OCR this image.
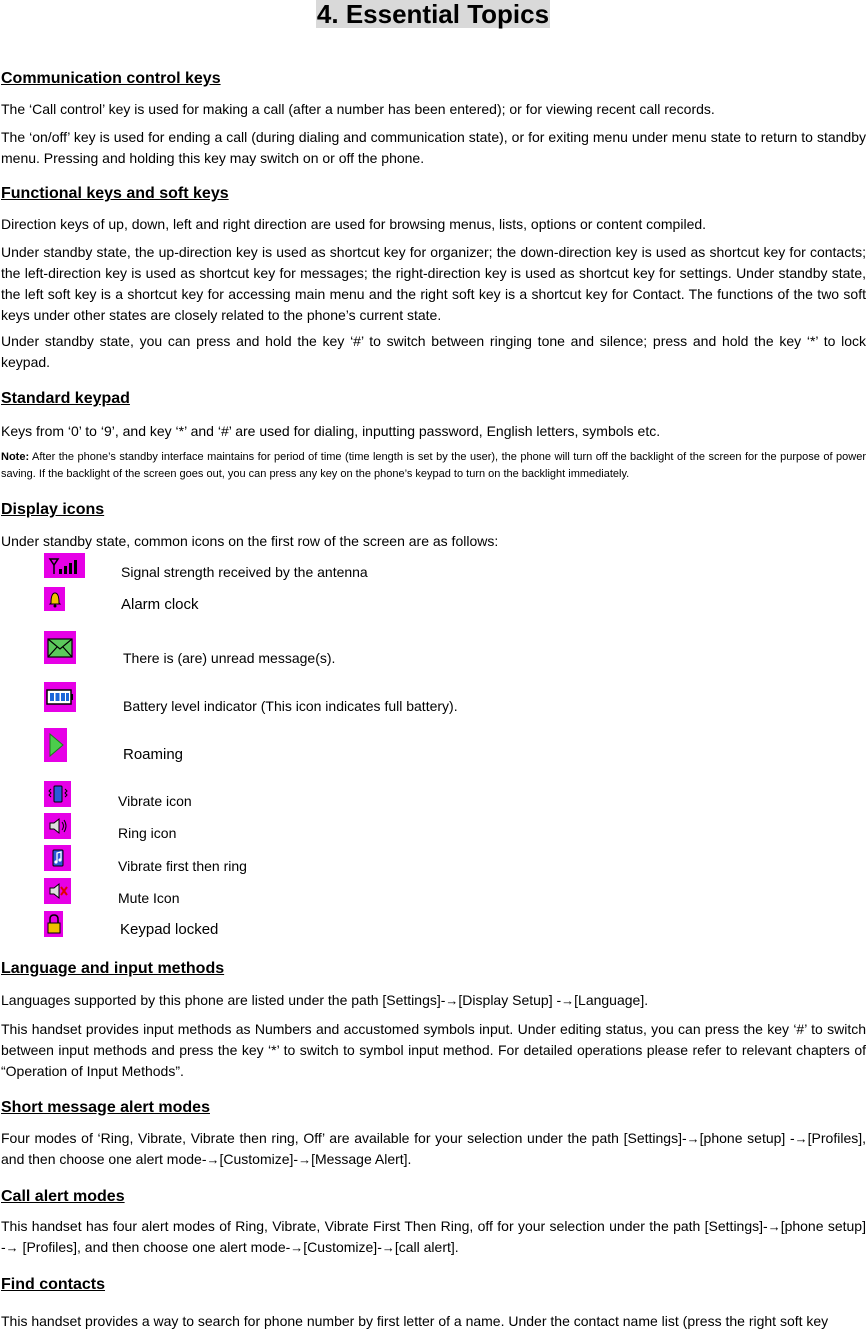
4. Essential Topics
Communication control keys
The ‘Call control’ key is used for making a call (after a number has been entered); or for viewing recent call records.
The ‘on/off’ key is used for ending a call (during dialing and communication state), or for exiting menu under menu state to return to standby menu. Pressing and holding this key may switch on or off the phone.
Functional keys and soft keys
Direction keys of up, down, left and right direction are used for browsing menus, lists, options or content compiled.
Under standby state, the up-direction key is used as shortcut key for organizer; the down-direction key is used as shortcut key for contacts; the left-direction key is used as shortcut key for messages; the right-direction key is used as shortcut key for settings. Under standby state, the left soft key is a shortcut key for accessing main menu and the right soft key is a shortcut key for Contact. The functions of the two soft keys under other states are closely related to the phone’s current state.
Under standby state, you can press and hold the key ‘#’ to switch between ringing tone and silence; press and hold the key ‘*’ to lock keypad.
Standard keypad
Keys from ‘0’ to ‘9’, and key ‘*’ and ‘#’ are used for dialing, inputting password, English letters, symbols etc.
Note: After the phone’s standby interface maintains for period of time (time length is set by the user), the phone will turn off the backlight of the screen for the purpose of power saving. If the backlight of the screen goes out, you can press any key on the phone’s keypad to turn on the backlight immediately.
Display icons
Under standby state, common icons on the first row of the screen are as follows:
Signal strength received by the antenna
Alarm clock
There is (are) unread message(s).
Battery level indicator (This icon indicates full battery).
Roaming
Vibrate icon
Ring icon
Vibrate first then ring
Mute Icon
Keypad locked
Language and input methods
Languages supported by this phone are listed under the path [Settings]-→[Display Setup] -→[Language].
This handset provides input methods as Numbers and accustomed symbols input. Under editing status, you can press the key ‘#’ to switch between input methods and press the key ‘*’ to switch to symbol input method. For detailed operations please refer to relevant chapters of “Operation of Input Methods”.
Short message alert modes
Four modes of ‘Ring, Vibrate, Vibrate then ring, Off’ are available for your selection under the path [Settings]-→[phone setup] -→[Profiles], and then choose one alert mode-→[Customize]-→[Message Alert].
Call alert modes
This handset has four alert modes of Ring, Vibrate, Vibrate First Then Ring, off for your selection under the path [Settings]-→[phone setup] -→ [Profiles], and then choose one alert mode-→[Customize]-→[call alert].
Find contacts
This handset provides a way to search for phone number by first letter of a name. Under the contact name list (press the right soft key
